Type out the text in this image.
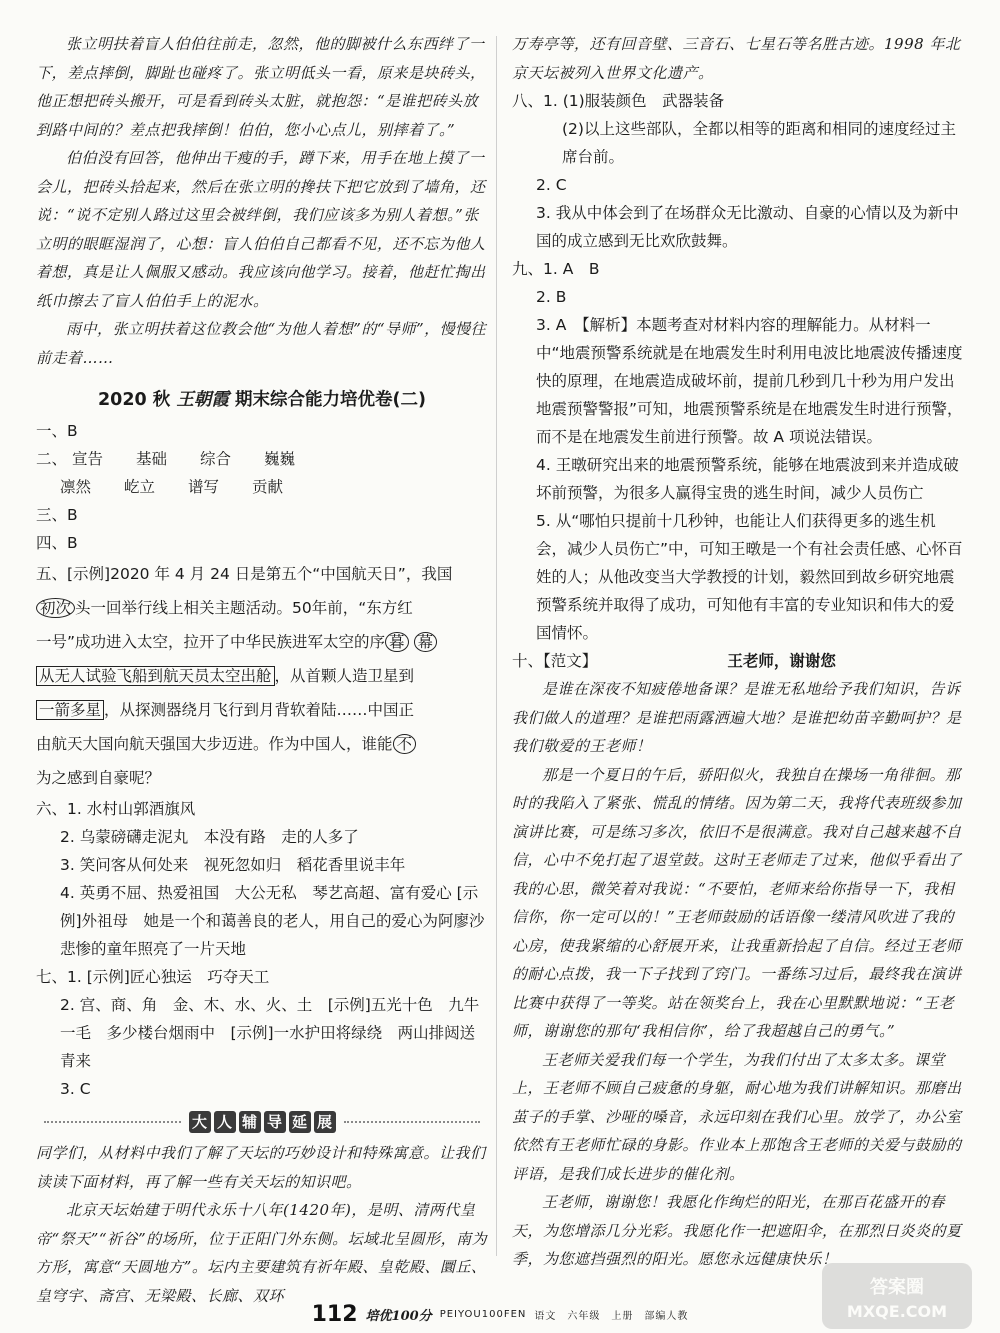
张立明扶着盲人伯伯往前走，忽然，他的脚被什么东西绊了一下，差点摔倒，脚趾也碰疼了。张立明低头一看，原来是块砖头，他正想把砖头搬开，可是看到砖头太脏，就抱怨：“是谁把砖头放到路中间的？差点把我摔倒！伯伯，您小心点儿，别摔着了。”

伯伯没有回答，他伸出干瘦的手，蹲下来，用手在地上摸了一会儿，把砖头拾起来，然后在张立明的搀扶下把它放到了墙角，还说：“说不定别人路过这里会被绊倒，我们应该多为别人着想。”张立明的眼眶湿润了，心想：盲人伯伯自己都看不见，还不忘为他人着想，真是让人佩服又感动。我应该向他学习。接着，他赶忙掏出纸巾擦去了盲人伯伯手上的泥水。

雨中，张立明扶着这位教会他“为他人着想”的“导师”，慢慢往前走着……

2020 秋 王朝霞 期末综合能力培优卷(二)
一、B
二、 宣告 基础 综合 巍巍
凛然 屹立 谱写 贡献
三、B
四、B
五、[示例]2020 年 4 月 24 日是第五个“中国航天日”，我国
初次 头一回举行线上相关主题活动。50年前，“东方红
一号”成功进入太空，拉开了中华民族进军太空的序 暮 幕
从无人试验飞船到航天员太空出舱 ，从首颗人造卫星到
一箭多星 ，从探测器绕月飞行到月背软着陆……中国正
由航天大国向航天强国大步迈进。作为中国人，谁能 不
为之感到自豪呢？
六、1. 水村山郭酒旗风
2. 乌蒙磅礴走泥丸　本没有路　走的人多了
3. 笑问客从何处来　视死忽如归　稻花香里说丰年
4. 英勇不屈、热爱祖国　大公无私　琴艺高超、富有爱心 [示例]外祖母　她是一个和蔼善良的老人，用自己的爱心为阿廖沙悲惨的童年照亮了一片天地
七、1. [示例]匠心独运　巧夺天工
2. 宫、商、角　金、木、水、火、土　[示例]五光十色　九牛一毛　多少楼台烟雨中　[示例]一水护田将绿绕　两山排闼送青来
3. C
大 人 辅 导 延 展

同学们，从材料中我们了解了天坛的巧妙设计和特殊寓意。让我们读读下面材料，再了解一些有关天坛的知识吧。

北京天坛始建于明代永乐十八年(1420年)，是明、清两代皇帝“祭天”“祈谷”的场所，位于正阳门外东侧。坛域北呈圆形，南为方形，寓意“天圆地方”。坛内主要建筑有祈年殿、皇乾殿、圜丘、皇穹宇、斋宫、无梁殿、长廊、双环

万寿亭等，还有回音壁、三音石、七星石等名胜古迹。1998 年北京天坛被列入世界文化遗产。

八、1. (1)服装颜色　武器装备
(2)以上这些部队，全都以相等的距离和相同的速度经过主席台前。
2. C
3. 我从中体会到了在场群众无比激动、自豪的心情以及为新中国的成立感到无比欢欣鼓舞。
九、1. A　B
2. B
3. A　【解析】本题考查对材料内容的理解能力。从材料一中“地震预警系统就是在地震发生时利用电波比地震波传播速度快的原理，在地震造成破坏前，提前几秒到几十秒为用户发出地震预警警报”可知，地震预警系统是在地震发生时进行预警，而不是在地震发生前进行预警。故 A 项说法错误。
4. 王暾研究出来的地震预警系统，能够在地震波到来并造成破坏前预警，为很多人赢得宝贵的逃生时间，减少人员伤亡
5. 从“哪怕只提前十几秒钟，也能让人们获得更多的逃生机会，减少人员伤亡”中，可知王暾是一个有社会责任感、心怀百姓的人；从他改变当大学教授的计划，毅然回到故乡研究地震预警系统并取得了成功，可知他有丰富的专业知识和伟大的爱国情怀。
十、【范文】	王老师，谢谢您

是谁在深夜不知疲倦地备课？是谁无私地给予我们知识，告诉我们做人的道理？是谁把雨露洒遍大地？是谁把幼苗辛勤呵护？是我们敬爱的王老师！

那是一个夏日的午后，骄阳似火，我独自在操场一角徘徊。那时的我陷入了紧张、慌乱的情绪。因为第二天，我将代表班级参加演讲比赛，可是练习多次，依旧不是很满意。我对自己越来越不自信，心中不免打起了退堂鼓。这时王老师走了过来，他似乎看出了我的心思，微笑着对我说：“不要怕，老师来给你指导一下，我相信你，你一定可以的！”王老师鼓励的话语像一缕清风吹进了我的心房，使我紧缩的心舒展开来，让我重新拾起了自信。经过王老师的耐心点拨，我一下子找到了窍门。一番练习过后，最终我在演讲比赛中获得了一等奖。站在领奖台上，我在心里默默地说：“王老师，谢谢您的那句‘我相信你’，给了我超越自己的勇气。”

王老师关爱我们每一个学生，为我们付出了太多太多。课堂上，王老师不顾自己疲惫的身躯，耐心地为我们讲解知识。那磨出茧子的手掌、沙哑的嗓音，永远印刻在我们心里。放学了，办公室依然有王老师忙碌的身影。作业本上那饱含王老师的关爱与鼓励的评语，是我们成长进步的催化剂。

王老师，谢谢您！我愿化作绚烂的阳光，在那百花盛开的春天，为您增添几分光彩。我愿化作一把遮阳伞，在那烈日炎炎的夏季，为您遮挡强烈的阳光。愿您永远健康快乐！

112 培优100分 PEIYOU100FEN 语文　六年级　上册　部编人教
答案圈
MXQE.COM
